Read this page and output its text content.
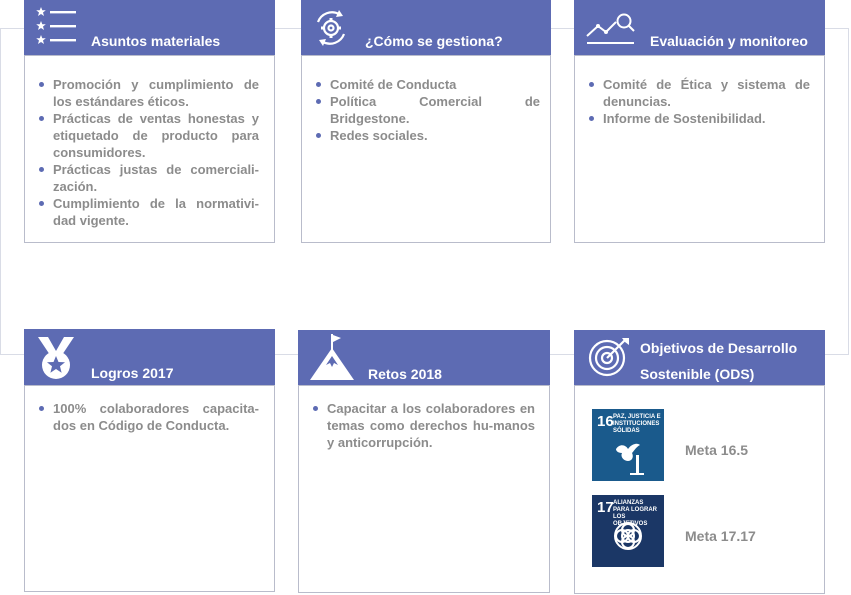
Promoción y cumplimiento de los estándares éticos.
Prácticas de ventas honestas y etiquetado de producto para consumidores.
Prácticas justas de comerciali-zación.
Cumplimiento de la normativi-dad vigente.
Asuntos materiales
Comité de Conducta
Política Comercial de Bridgestone.
Redes sociales.
¿Cómo se gestiona?
Comité de Ética y sistema de denuncias.
Informe de Sostenibilidad.
Evaluación y monitoreo
100% colaboradores capacita-dos en Código de Conducta.
Logros 2017
Capacitar a los colaboradores en temas como derechos hu-manos y anticorrupción.
Retos 2018
16 PAZ, JUSTICIA E INSTITUCIONES SÓLIDAS
Meta 16.5
17 ALIANZAS PARA LOGRAR LOS OBJETIVOS
Meta 17.17
Objetivos de Desarrollo
Sostenible (ODS)
